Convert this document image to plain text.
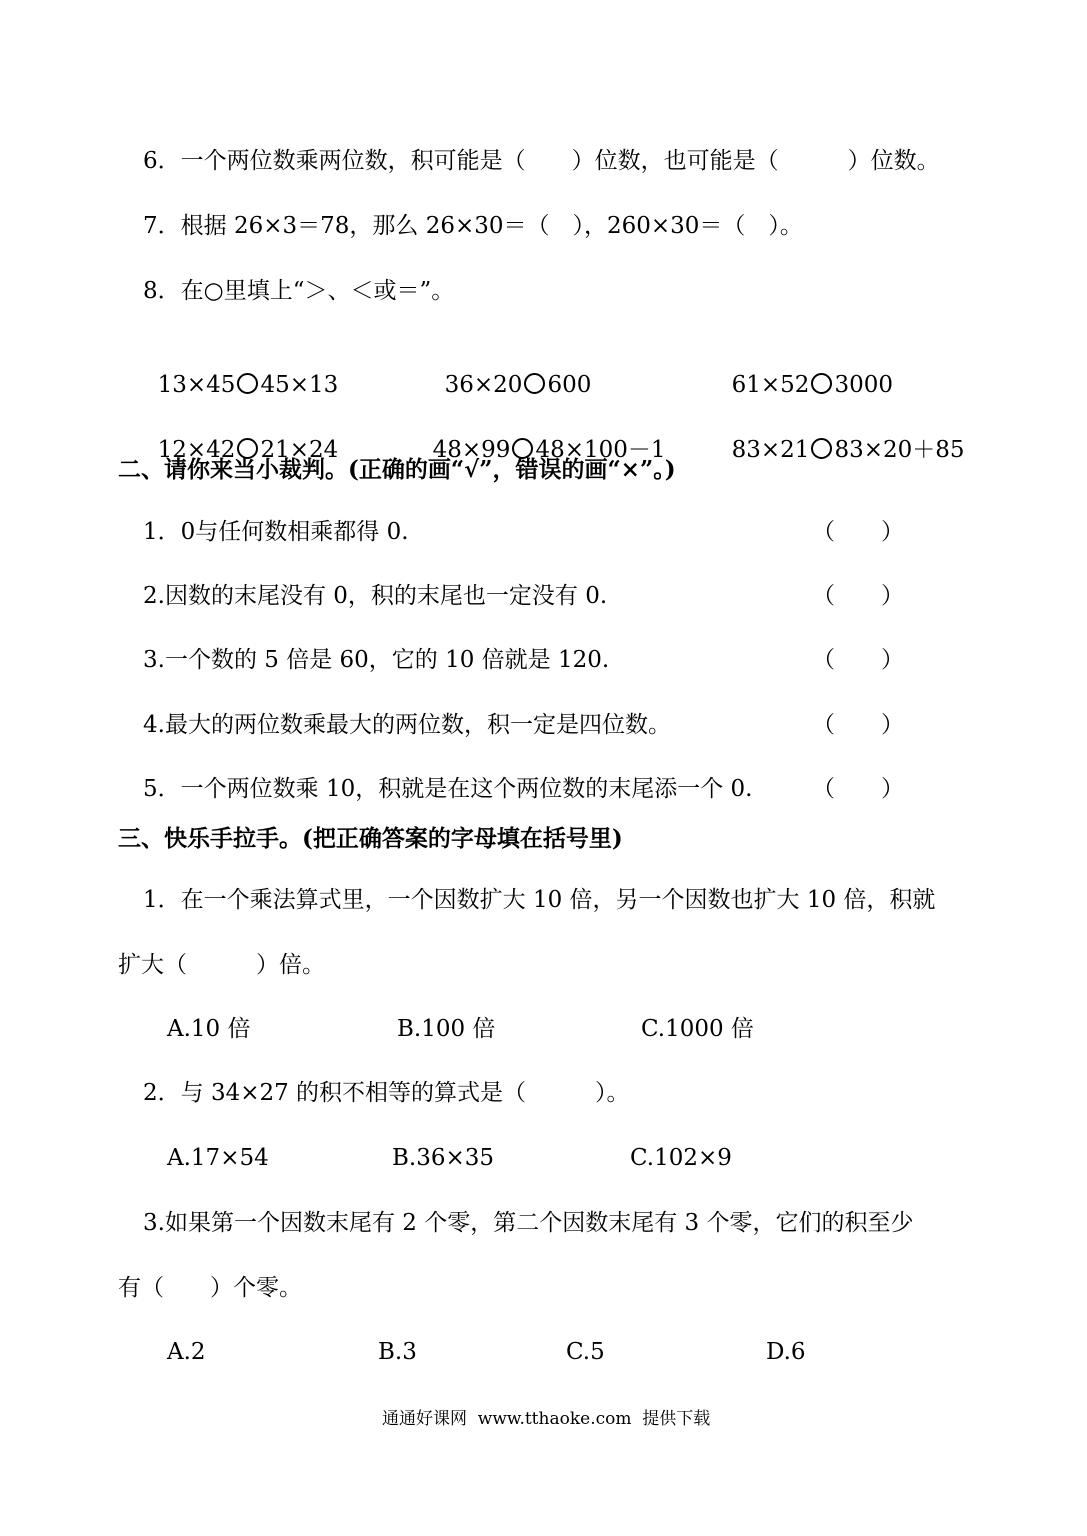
6．一个两位数乘两位数，积可能是（　　）位数，也可能是（　　　）位数。
7．根据 26×3＝78，那么 26×30＝（　），260×30＝（　）。
8．在○里填上“＞、＜或＝”。

13×45 45×13	36×20 600	61×52 3000

12×42 21×24	48×99 48×100－1	83×21 83×20＋85

二、请你来当小裁判。(正确的画“√”，错误的画“×”。)
1．0与任何数相乘都得 0.	（　　）
2.因数的末尾没有 0，积的末尾也一定没有 0.	（　　）
3.一个数的 5 倍是 60，它的 10 倍就是 120.	（　　）
4.最大的两位数乘最大的两位数，积一定是四位数。	（　　）
5．一个两位数乘 10，积就是在这个两位数的末尾添一个 0.	（　　）
三、快乐手拉手。(把正确答案的字母填在括号里)
1．在一个乘法算式里，一个因数扩大 10 倍，另一个因数也扩大 10 倍，积就
扩大（　　　）倍。
A.10 倍	B.100 倍	C.1000 倍
2．与 34×27 的积不相等的算式是（　　　）。
A.17×54	B.36×35	C.102×9
3.如果第一个因数末尾有 2 个零，第二个因数末尾有 3 个零，它们的积至少
有（　　）个零。
A.2	B.3	C.5	D.6
通通好课网  www.tthaoke.com  提供下载
